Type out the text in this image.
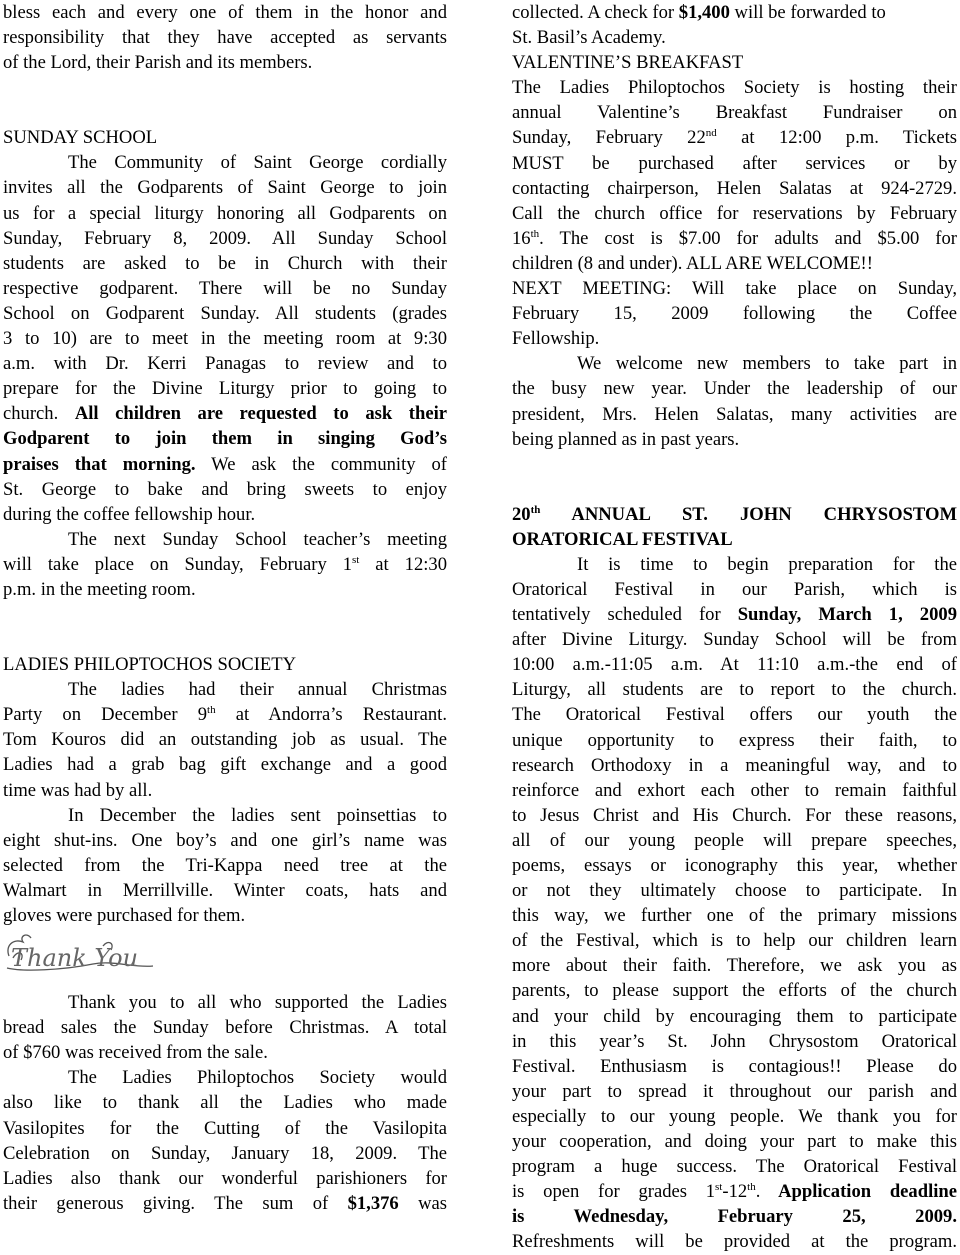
bless each and every one of them in the honor and
responsibility that they have accepted as servants
of the Lord, their Parish and its members.
SUNDAY SCHOOL
The Community of Saint George cordially
invites all the Godparents of Saint George to join
us for a special liturgy honoring all Godparents on
Sunday, February 8, 2009. All Sunday School
students are asked to be in Church with their
respective godparent. There will be no Sunday
School on Godparent Sunday. All students (grades
3 to 10) are to meet in the meeting room at 9:30
a.m. with Dr. Kerri Panagas to review and to
prepare for the Divine Liturgy prior to going to
church. All children are requested to ask their
Godparent to join them in singing God’s
praises that morning. We ask the community of
St. George to bake and bring sweets to enjoy
during the coffee fellowship hour.
The next Sunday School teacher’s meeting
will take place on Sunday, February 1st at 12:30
p.m. in the meeting room.
LADIES PHILOPTOCHOS SOCIETY
The ladies had their annual Christmas
Party on December 9th at Andorra’s Restaurant.
Tom Kouros did an outstanding job as usual. The
Ladies had a grab bag gift exchange and a good
time was had by all.
In December the ladies sent poinsettias to
eight shut-ins. One boy’s and one girl’s name was
selected from the Tri-Kappa need tree at the
Walmart in Merrillville. Winter coats, hats and
gloves were purchased for them.
Thank You
Thank you to all who supported the Ladies
bread sales the Sunday before Christmas. A total
of $760 was received from the sale.
The Ladies Philoptochos Society would
also like to thank all the Ladies who made
Vasilopites for the Cutting of the Vasilopita
Celebration on Sunday, January 18, 2009. The
Ladies also thank our wonderful parishioners for
their generous giving. The sum of $1,376 was
collected. A check for $1,400 will be forwarded to
St. Basil’s Academy.
VALENTINE’S BREAKFAST
The Ladies Philoptochos Society is hosting their
annual Valentine’s Breakfast Fundraiser on
Sunday, February 22nd at 12:00 p.m. Tickets
MUST be purchased after services or by
contacting chairperson, Helen Salatas at 924-2729.
Call the church office for reservations by February
16th. The cost is $7.00 for adults and $5.00 for
children (8 and under). ALL ARE WELCOME!!
NEXT MEETING: Will take place on Sunday,
February 15, 2009 following the Coffee
Fellowship.
We welcome new members to take part in
the busy new year. Under the leadership of our
president, Mrs. Helen Salatas, many activities are
being planned as in past years.
20th ANNUAL ST. JOHN CHRYSOSTOM
ORATORICAL FESTIVAL
It is time to begin preparation for the
Oratorical Festival in our Parish, which is
tentatively scheduled for Sunday, March 1, 2009
after Divine Liturgy. Sunday School will be from
10:00 a.m.-11:05 a.m. At 11:10 a.m.-the end of
Liturgy, all students are to report to the church.
The Oratorical Festival offers our youth the
unique opportunity to express their faith, to
research Orthodoxy in a meaningful way, and to
reinforce and exhort each other to remain faithful
to Jesus Christ and His Church. For these reasons,
all of our young people will prepare speeches,
poems, essays or iconography this year, whether
or not they ultimately choose to participate. In
this way, we further one of the primary missions
of the Festival, which is to help our children learn
more about their faith. Therefore, we ask you as
parents, to please support the efforts of the church
and your child by encouraging them to participate
in this year’s St. John Chrysostom Oratorical
Festival. Enthusiasm is contagious!! Please do
your part to spread it throughout our parish and
especially to our young people. We thank you for
your cooperation, and doing your part to make this
program a huge success. The Oratorical Festival
is open for grades 1st-12th. Application deadline
is Wednesday, February 25, 2009.
Refreshments will be provided at the program.
